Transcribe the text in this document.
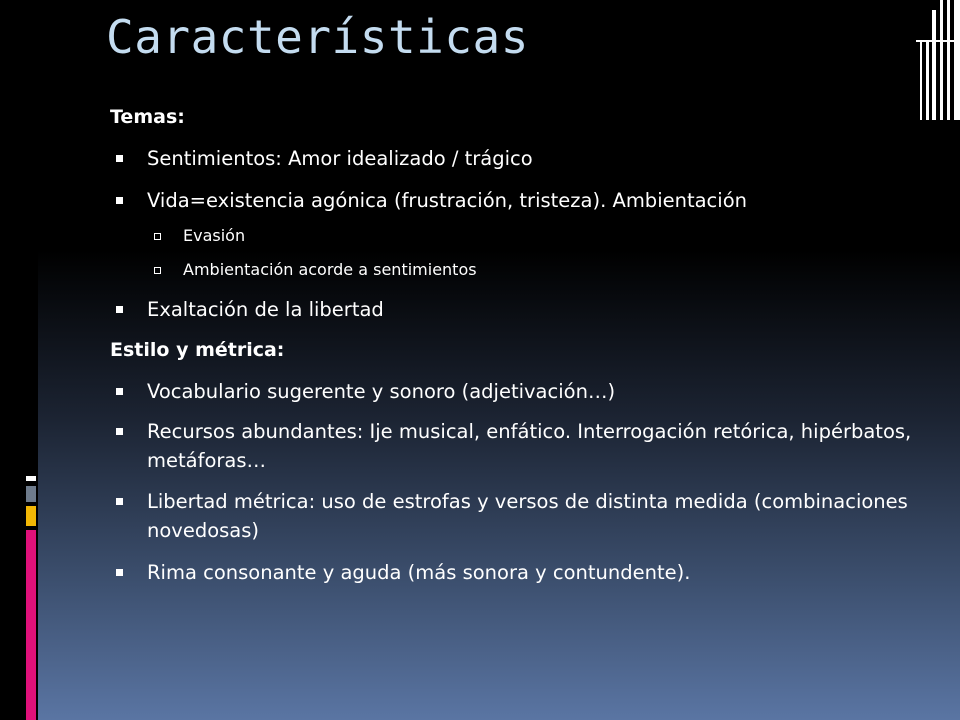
Características
Temas:
Sentimientos: Amor idealizado / trágico
Vida=existencia agónica (frustración, tristeza). Ambientación
Evasión
Ambientación acorde a sentimientos
Exaltación de la libertad
Estilo y métrica:
Vocabulario sugerente y sonoro (adjetivación…)
Recursos abundantes: Ije musical, enfático. Interrogación retórica, hipérbatos, metáforas…
Libertad métrica: uso de estrofas y versos de distinta medida (combinaciones novedosas)
Rima consonante y aguda (más sonora y contundente).
